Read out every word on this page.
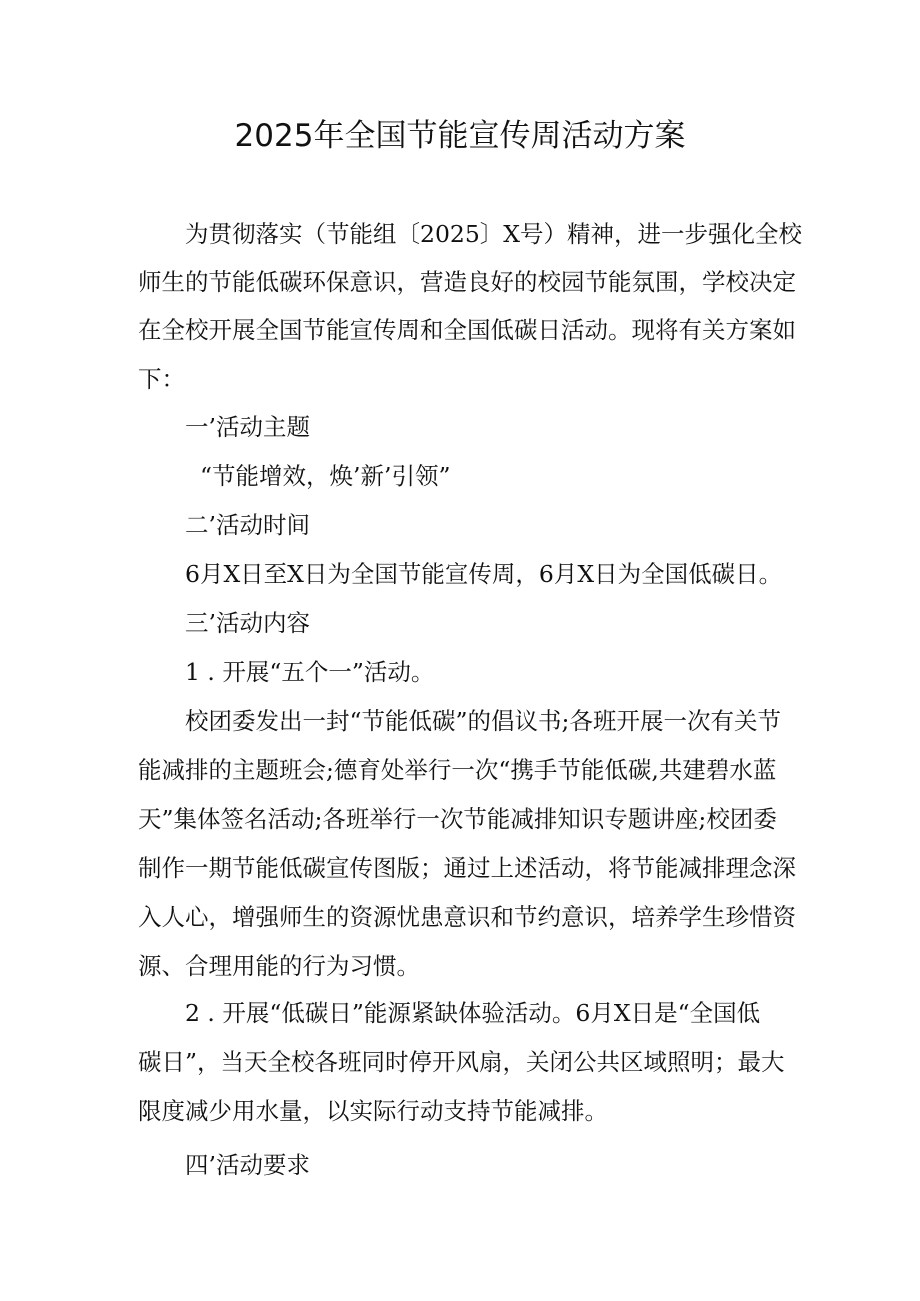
2025年全国节能宣传周活动方案
为贯彻落实（节能组〔2025〕X号）精神，进一步强化全校
师生的节能低碳环保意识，营造良好的校园节能氛围，学校决定
在全校开展全国节能宣传周和全国低碳日活动。现将有关方案如
下：
一’活动主题
“节能增效，焕’新’引领”
二’活动时间
6月X日至X日为全国节能宣传周，6月X日为全国低碳日。
三’活动内容
1 . 开展“五个一”活动。
校团委发出一封“节能低碳”的倡议书;各班开展一次有关节
能减排的主题班会;德育处举行一次“携手节能低碳,共建碧水蓝
天”集体签名活动;各班举行一次节能减排知识专题讲座;校团委
制作一期节能低碳宣传图版；通过上述活动，将节能减排理念深
入人心，增强师生的资源忧患意识和节约意识，培养学生珍惜资
源、合理用能的行为习惯。
2 . 开展“低碳日”能源紧缺体验活动。6月X日是“全国低
碳日”，当天全校各班同时停开风扇，关闭公共区域照明；最大
限度减少用水量，以实际行动支持节能减排。
四’活动要求
